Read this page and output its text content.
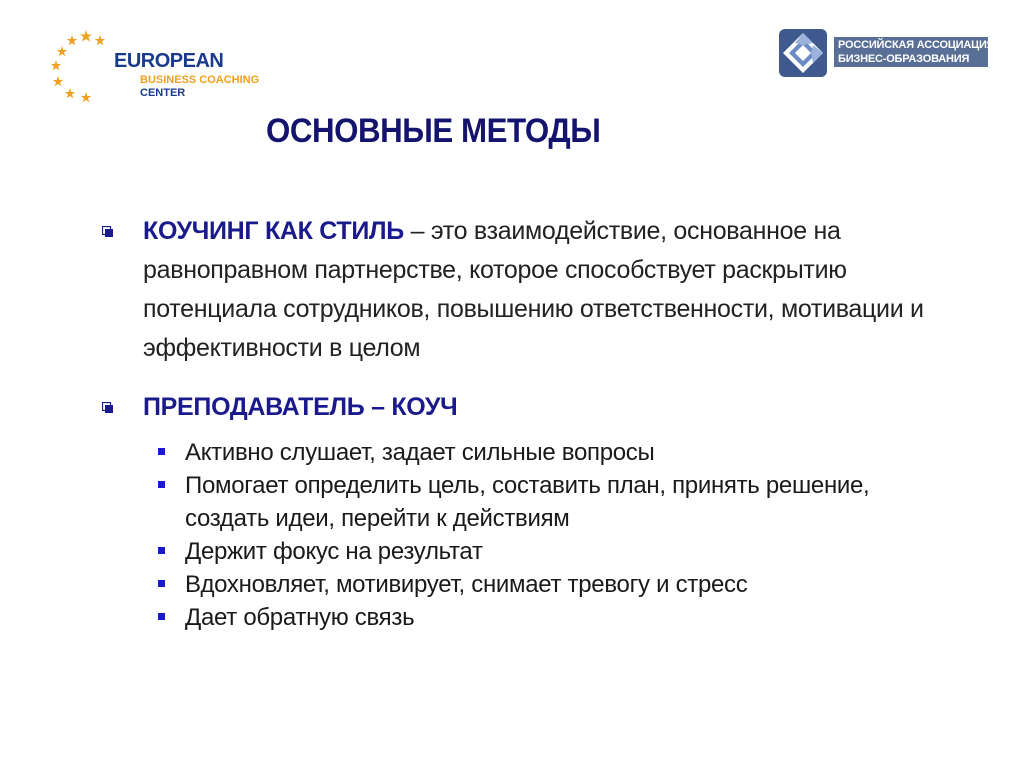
EUROPEAN
BUSINESS COACHING
CENTER
РОССИЙСКАЯ АССОЦИАЦИЯ
БИЗНЕС-ОБРАЗОВАНИЯ
ОСНОВНЫЕ МЕТОДЫ
КОУЧИНГ КАК СТИЛЬ – это взаимодействие, основанное на равноправном партнерстве, которое способствует раскрытию потенциала сотрудников, повышению ответственности, мотивации и эффективности в целом
ПРЕПОДАВАТЕЛЬ – КОУЧ
Активно слушает, задает сильные вопросы
Помогает определить цель, составить план, принять решение, создать идеи, перейти к действиям
Держит фокус на результат
Вдохновляет, мотивирует, снимает тревогу и стресс
Дает обратную связь
